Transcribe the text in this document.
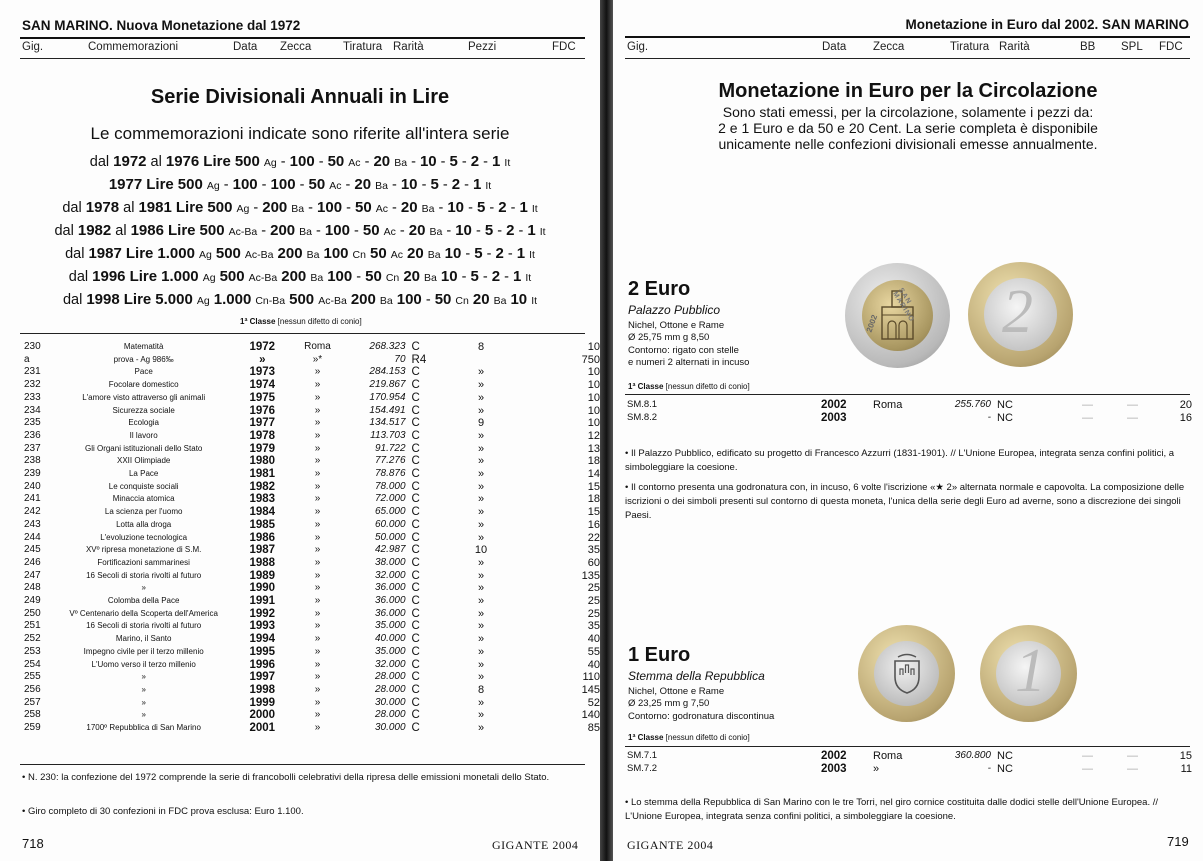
SAN MARINO. Nuova Monetazione dal 1972
Gig.	Commemorazioni	Data Zecca	Tiratura Rarità	Pezzi	FDC
Serie Divisionali Annuali in Lire
Le commemorazioni indicate sono riferite all'intera serie
dal 1972 al 1976 Lire 500 Ag - 100 - 50 Ac - 20 Ba - 10 - 5 - 2 - 1 It
1977 Lire 500 Ag - 100 - 100 - 50 Ac - 20 Ba - 10 - 5 - 2 - 1 It
dal 1978 al 1981 Lire 500 Ag - 200 Ba - 100 - 50 Ac - 20 Ba - 10 - 5 - 2 - 1 It
dal 1982 al 1986 Lire 500 Ac-Ba - 200 Ba - 100 - 50 Ac - 20 Ba - 10 - 5 - 2 - 1 It
dal 1987 Lire 1.000 Ag 500 Ac-Ba 200 Ba 100 Cn 50 Ac 20 Ba 10 - 5 - 2 - 1 It
dal 1996 Lire 1.000 Ag 500 Ac-Ba 200 Ba 100 - 50 Cn 20 Ba 10 - 5 - 2 - 1 It
dal 1998 Lire 5.000 Ag 1.000 Cn-Ba 500 Ac-Ba 200 Ba 100 - 50 Cn 20 Ba 10 It
1ª Classe [nessun difetto di conio]
230	Matematità	1972	Roma	268.323	C	8	10
a	prova - Ag 986‰	»	»*	70	R4		750
231	Pace	1973	»	284.153	C	»	10
232	Focolare domestico	1974	»	219.867	C	»	10
233	L'amore visto attraverso gli animali	1975	»	170.954	C	»	10
234	Sicurezza sociale	1976	»	154.491	C	»	10
235	Ecologia	1977	»	134.517	C	9	10
236	Il lavoro	1978	»	113.703	C	»	12
237	Gli Organi istituzionali dello Stato	1979	»	91.722	C	»	13
238	XXII Olimpiade	1980	»	77.276	C	»	18
239	La Pace	1981	»	78.876	C	»	14
240	Le conquiste sociali	1982	»	78.000	C	»	15
241	Minaccia atomica	1983	»	72.000	C	»	18
242	La scienza per l'uomo	1984	»	65.000	C	»	15
243	Lotta alla droga	1985	»	60.000	C	»	16
244	L'evoluzione tecnologica	1986	»	50.000	C	»	22
245	XVº ripresa monetazione di S.M.	1987	»	42.987	C	10	35
246	Fortificazioni sammarinesi	1988	»	38.000	C	»	60
247	16 Secoli di storia rivolti al futuro	1989	»	32.000	C	»	135
248	»	1990	»	36.000	C	»	25
249	Colomba della Pace	1991	»	36.000	C	»	25
250	Vº Centenario della Scoperta dell'America	1992	»	36.000	C	»	25
251	16 Secoli di storia rivolti al futuro	1993	»	35.000	C	»	35
252	Marino, il Santo	1994	»	40.000	C	»	40
253	Impegno civile per il terzo millenio	1995	»	35.000	C	»	55
254	L'Uomo verso il terzo millenio	1996	»	32.000	C	»	40
255	»	1997	»	28.000	C	»	110
256	»	1998	»	28.000	C	8	145
257	»	1999	»	30.000	C	»	52
258	»	2000	»	28.000	C	»	140
259	1700º Repubblica di San Marino	2001	»	30.000	C	»	85
• N. 230: la confezione del 1972 comprende la serie di francobolli celebrativi della ripresa delle emissioni monetali dello Stato.
• Giro completo di 30 confezioni in FDC prova esclusa: Euro 1.100.
718	GIGANTE 2004
Monetazione in Euro dal 2002. SAN MARINO
Gig.	Data Zecca	Tiratura Rarità	BB SPL FDC
Monetazione in Euro per la Circolazione
Sono stati emessi, per la circolazione, solamente i pezzi da:
2 e 1 Euro e da 50 e 20 Cent. La serie completa è disponibile
unicamente nelle confezioni divisionali emesse annualmente.
2 Euro
Palazzo Pubblico
Nichel, Ottone e Rame
Ø 25,75 mm g 8,50
Contorno: rigato con stelle
e numeri 2 alternati in incuso
1ª Classe [nessun difetto di conio]
SAN MARINO
2002 2
SM.8.1	2002 Roma	255.760 NC	—	—	20
SM.8.2	2003	- NC	—	—	16
• Il Palazzo Pubblico, edificato su progetto di Francesco Azzurri (1831-1901). // L'Unione Europea, integrata senza confini politici, a simboleggiare la coesione.
• Il contorno presenta una godronatura con, in incuso, 6 volte l'iscrizione «★ 2» alternata normale e capovolta. La composizione delle iscrizioni o dei simboli presenti sul contorno di questa moneta, l'unica della serie degli Euro ad averne, sono a discrezione dei singoli Paesi.
1 Euro
Stemma della Repubblica
Nichel, Ottone e Rame
Ø 23,25 mm g 7,50
Contorno: godronatura discontinua
1ª Classe [nessun difetto di conio]
1
SM.7.1	2002 Roma	360.800 NC	—	—	15
SM.7.2	2003 »	- NC	—	—	11
• Lo stemma della Repubblica di San Marino con le tre Torri, nel giro cornice costituita dalle dodici stelle dell'Unione Europea. // L'Unione Europea, integrata senza confini politici, a simboleggiare la coesione.
GIGANTE 2004	719
